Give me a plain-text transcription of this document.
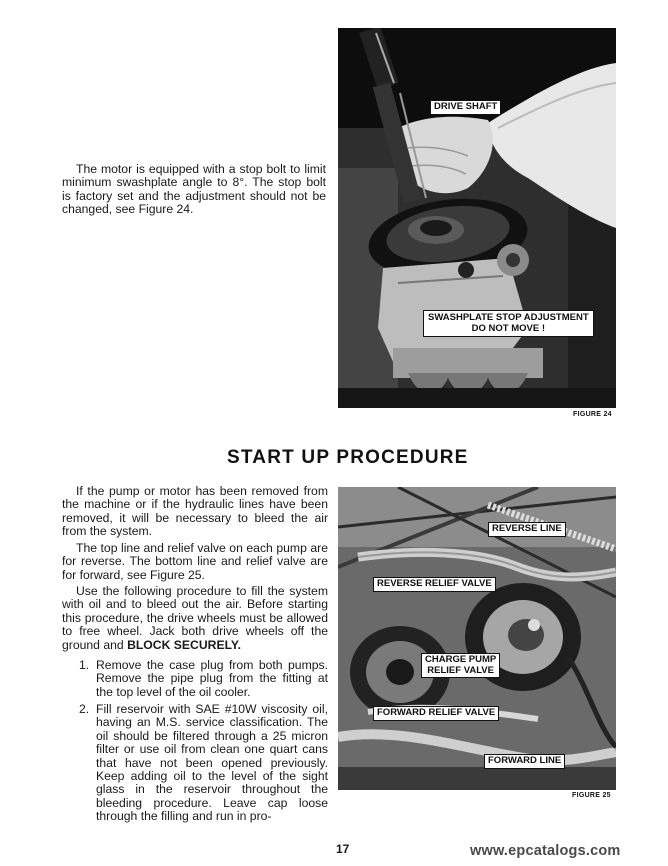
The motor is equipped with a stop bolt to limit minimum swashplate angle to 8°. The stop bolt is factory set and the adjustment should not be changed, see Figure 24.
DRIVE SHAFT
SWASHPLATE STOP ADJUSTMENT
DO NOT MOVE !
FIGURE 24
START UP PROCEDURE
If the pump or motor has been removed from the machine or if the hydraulic lines have been removed, it will be necessary to bleed the air from the system.
The top line and relief valve on each pump are for reverse. The bottom line and relief valve are for forward, see Figure 25.
Use the following procedure to fill the system with oil and to bleed out the air. Before starting this procedure, the drive wheels must be allowed to free wheel. Jack both drive wheels off the ground and BLOCK SECURELY.
1. Remove the case plug from both pumps. Remove the pipe plug from the fitting at the top level of the oil cooler.
2. Fill reservoir with SAE #10W viscosity oil, having an M.S. service classification. The oil should be filtered through a 25 micron filter or use oil from clean one quart cans that have not been opened previously. Keep adding oil to the level of the sight glass in the reservoir throughout the bleeding procedure. Leave cap loose through the filling and run in pro-
REVERSE LINE
REVERSE RELIEF VALVE
CHARGE PUMP
RELIEF VALVE
FORWARD RELIEF VALVE
FORWARD LINE
FIGURE 25
17	www.epcatalogs.com
